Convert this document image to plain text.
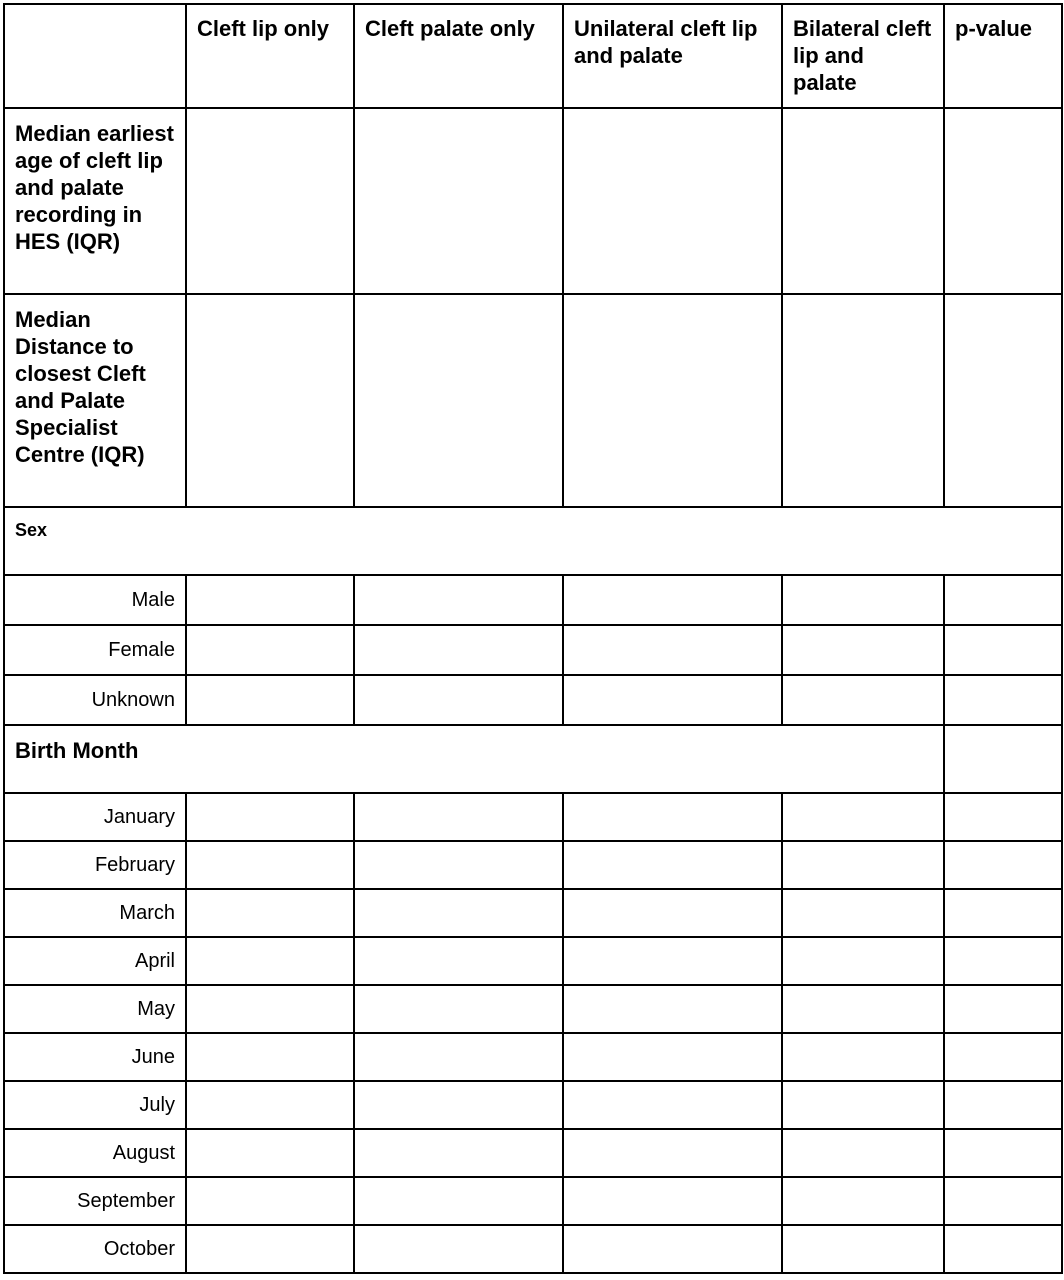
	Cleft lip only	Cleft palate only	Unilateral cleft lip and palate	Bilateral cleft lip and palate	p-value

Median earliest age of cleft lip and palate recording in HES (IQR)					

Median Distance to closest Cleft and Palate Specialist Centre (IQR)					

Sex					

Male					
Female					
Unknown					

Birth Month					

January					
February					
March					
April					
May					
June					
July					
August					
September					
October					
